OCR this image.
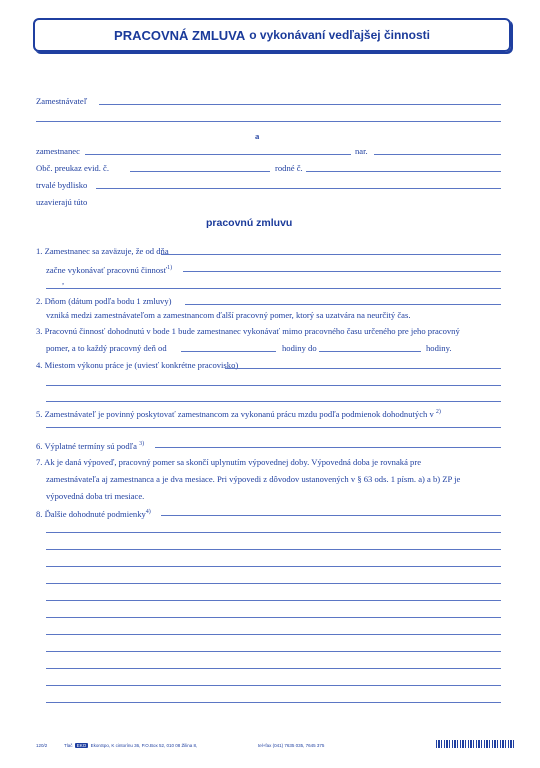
PRACOVNÁ ZMLUVA o vykonávaní vedľajšej činnosti
Zamestnávateľ
a
zamestnanec	nar.
Obč. preukaz evid. č.	rodné č.
trvalé bydlisko
uzavierajú túto
pracovnú zmluvu
1. Zamestnanec sa zaväzuje, že od dňa
začne vykonávať pracovnú činnosť$^{1)}$
,
2. Dňom (dátum podľa bodu 1 zmluvy)
vzniká medzi zamestnávateľom a zamestnancom ďalší pracovný pomer, ktorý sa uzatvára na neurčitý čas.
3. Pracovnú činnosť dohodnutú v bode 1 bude zamestnanec vykonávať mimo pracovného času určeného pre jeho pracovný
pomer, a to každý pracovný deň od	hodiny do	hodiny.
4. Miestom výkonu práce je (uviesť konkrétne pracovisko)
5. Zamestnávateľ je povinný poskytovať zamestnancom za vykonanú prácu mzdu podľa podmienok dohodnutých v $^{2)}$
6. Výplatné termíny sú podľa $^{3)}$
7. Ak je daná výpoveď, pracovný pomer sa skončí uplynutím výpovednej doby. Výpovedná doba je rovnaká pre
zamestnávateľa aj zamestnanca a je dva mesiace. Pri výpovedi z dôvodov ustanovených v § 63 ods. 1 písm. a) a b) ZP je
výpovedná doba tri mesiace.
8. Ďalšie dohodnuté podmienky$^{4)}$
120/2	Tlač EKO EkonSpo, K cintorínu 36, P.O.Box 52, 010 08 Žilina 8,	tel+fax (041) 7635 035, 7645 375
